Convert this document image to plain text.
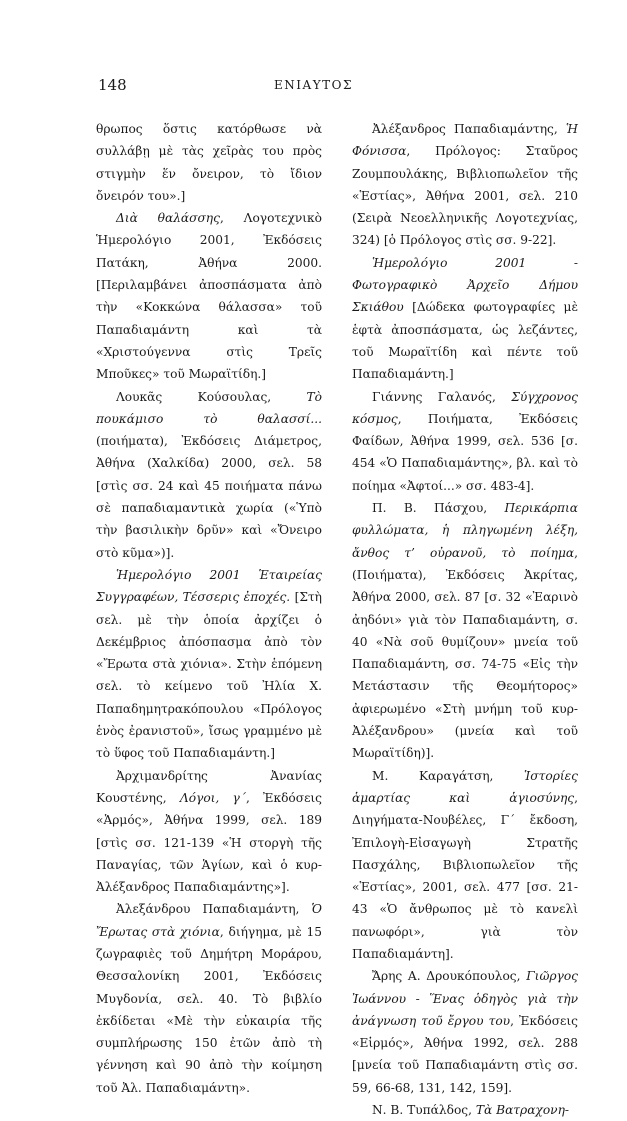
148	ΕΝΙΑΥΤΟΣ

θρωπος ὅστις κατόρθωσε νὰ συλλάβῃ μὲ τὰς χεῖρὰς του πρὸς στιγμὴν ἕν ὄνειρον, τὸ ἴδιον ὄνειρόν του».]

Διὰ θαλάσσης, Λογοτεχνικὸ Ἡμερολόγιο 2001, Ἐκδόσεις Πατάκη, Ἀθήνα 2000. [Περιλαμβάνει ἀποσπάσματα ἀπὸ τὴν «Κοκκώνα θάλασσα» τοῦ Παπαδιαμάντη καὶ τὰ «Χριστούγεννα στὶς Τρεῖς Μποῦκες» τοῦ Μωραϊτίδη.]

Λουκᾶς Κούσουλας, Τὸ πουκάμισο τὸ θαλασσί... (ποιήματα), Ἐκδόσεις Διάμετρος, Ἀθήνα (Χαλκίδα) 2000, σελ. 58 [στὶς σσ. 24 καὶ 45 ποιήματα πάνω σὲ παπαδιαμαντικὰ χωρία («Ὑπὸ τὴν βασιλικὴν δρῦν» καὶ «Ὄνειρο στὸ κῦμα»)].

Ἡμερολόγιο 2001 Ἑταιρείας Συγγραφέων, Τέσσερις ἐποχές. [Στὴ σελ. μὲ τὴν ὁποία ἀρχίζει ὁ Δεκέμβριος ἀπόσπασμα ἀπὸ τὸν «Ἔρωτα στὰ χιόνια». Στὴν ἑπόμενη σελ. τὸ κείμενο τοῦ Ἠλία Χ. Παπαδημητρακόπουλου «Πρόλογος ἑνὸς ἐρανιστοῦ», ἴσως γραμμένο μὲ τὸ ὕφος τοῦ Παπαδιαμάντη.]

Ἀρχιμανδρίτης Ἀνανίας Κουστένης, Λόγοι, γ΄, Ἐκδόσεις «Ἁρμός», Ἀθήνα 1999, σελ. 189 [στὶς σσ. 121-139 «Ἡ στοργὴ τῆς Παναγίας, τῶν Ἁγίων, καὶ ὁ κυρ-Ἀλέξανδρος Παπαδιαμάντης»].

Ἀλεξάνδρου Παπαδιαμάντη, Ὁ Ἔρωτας στὰ χιόνια, διήγημα, μὲ 15 ζωγραφιὲς τοῦ Δημήτρη Μοράρου, Θεσσαλονίκη 2001, Ἐκδόσεις Μυγδονία, σελ. 40. Τὸ βιβλίο ἐκδίδεται «Μὲ τὴν εὐκαιρία τῆς συμπλήρωσης 150 ἐτῶν ἀπὸ τὴ γέννηση καὶ 90 ἀπὸ τὴν κοίμηση τοῦ Ἀλ. Παπαδιαμάντη».

Ἀλέξανδρος Παπαδιαμάντης, Ἡ Φόνισσα, Πρόλογος: Σταῦρος Ζουμπουλάκης, Βιβλιοπωλεῖον τῆς «Ἑστίας», Ἀθήνα 2001, σελ. 210 (Σειρὰ Νεοελληνικῆς Λογοτεχνίας, 324) [ὁ Πρόλογος στὶς σσ. 9-22].

Ἡμερολόγιο 2001 - Φωτογραφικὸ Ἀρχεῖο Δήμου Σκιάθου [Δώδεκα φωτογραφίες μὲ ἑφτὰ ἀποσπάσματα, ὡς λεζάντες, τοῦ Μωραϊτίδη καὶ πέντε τοῦ Παπαδιαμάντη.]

Γιάννης Γαλανός, Σύγχρονος κόσμος, Ποιήματα, Ἐκδόσεις Φαίδων, Ἀθήνα 1999, σελ. 536 [σ. 454 «Ὁ Παπαδιαμάντης», βλ. καὶ τὸ ποίημα «Ἀφτοί...» σσ. 483-4].

Π. Β. Πάσχου, Περικάρπια φυλλώματα, ἡ πληγωμένη λέξη, ἄνθος τ’ οὐρανοῦ, τὸ ποίημα, (Ποιήματα), Ἐκδόσεις Ἀκρίτας, Ἀθήνα 2000, σελ. 87 [σ. 32 «Ἐαρινὸ ἀηδόνι» γιὰ τὸν Παπαδιαμάντη, σ. 40 «Νὰ σοῦ θυμίζουν» μνεία τοῦ Παπαδιαμάντη, σσ. 74-75 «Εἰς τὴν Μετάστασιν τῆς Θεομήτορος» ἀφιερωμένο «Στὴ μνήμη τοῦ κυρ-Ἀλέξανδρου» (μνεία καὶ τοῦ Μωραϊτίδη)].

Μ. Καραγάτση, Ἱστορίες ἁμαρτίας καὶ ἁγιοσύνης, Διηγήματα-Νουβέλες, Γ΄ ἔκδοση, Ἐπιλογὴ-Εἰσαγωγὴ Στρατῆς Πασχάλης, Βιβλιοπωλεῖον τῆς «Ἑστίας», 2001, σελ. 477 [σσ. 21-43 «Ὁ ἄνθρωπος μὲ τὸ κανελὶ πανωφόρι», γιὰ τὸν Παπαδιαμάντη].

Ἄρης Α. Δρουκόπουλος, Γιῶργος Ἰωάννου - Ἕνας ὁδηγὸς γιὰ τὴν ἀνάγνωση τοῦ ἔργου του, Ἐκδόσεις «Εἱρμός», Ἀθήνα 1992, σελ. 288 [μνεία τοῦ Παπαδιαμάντη στὶς σσ. 59, 66-68, 131, 142, 159].

Ν. Β. Τυπάλδος, Τὰ Βατραχονη-
